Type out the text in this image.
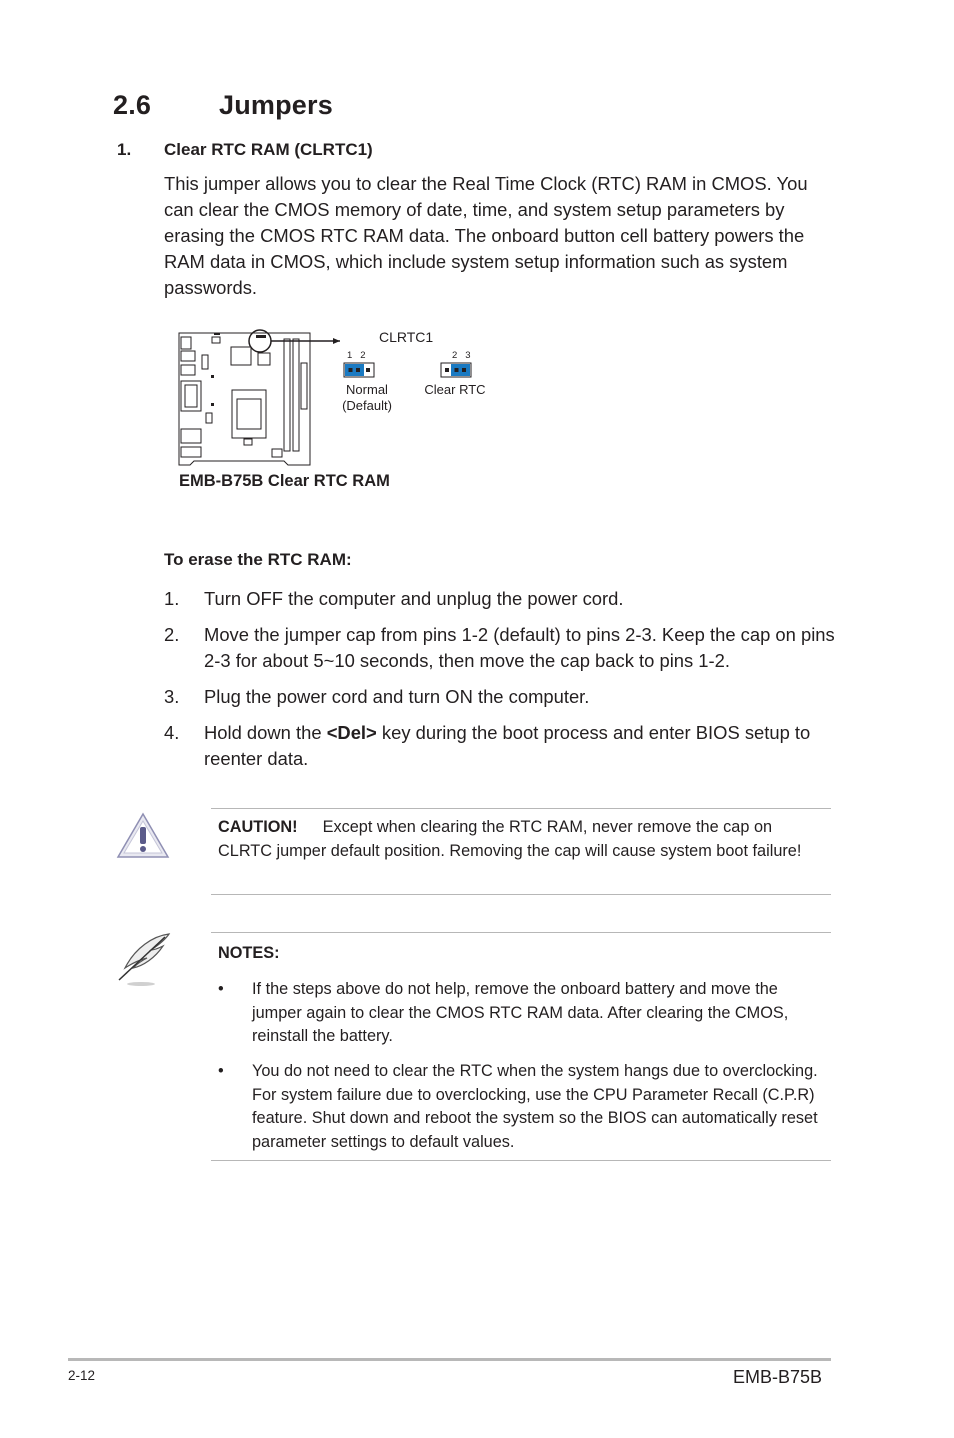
2.6	Jumpers
1. Clear RTC RAM (CLRTC1)
This jumper allows you to clear the Real Time Clock (RTC) RAM in CMOS. You can clear the CMOS memory of date, time, and system setup parameters by erasing the CMOS RTC RAM data. The onboard button cell battery powers the RAM data in CMOS, which include system setup information such as system passwords.
CLRTC1
1   2	2   3
Normal
(Default)
Clear RTC
EMB-B75B Clear RTC RAM
To erase the RTC RAM:
1. Turn OFF the computer and unplug the power cord.
2. Move the jumper cap from pins 1-2 (default) to pins 2-3. Keep the cap on pins 2-3 for about 5~10 seconds, then move the cap back to pins 1-2.
3. Plug the power cord and turn ON the computer.
4. Hold down the <Del> key during the boot process and enter BIOS setup to reenter data.
CAUTION! Except when clearing the RTC RAM, never remove the cap on CLRTC jumper default position. Removing the cap will cause system boot failure!
NOTES:
• If the steps above do not help, remove the onboard battery and move the jumper again to clear the CMOS RTC RAM data. After clearing the CMOS, reinstall the battery.
• You do not need to clear the RTC when the system hangs due to overclocking. For system failure due to overclocking, use the CPU Parameter Recall (C.P.R) feature. Shut down and reboot the system so the BIOS can automatically reset parameter settings to default values.
2-12	EMB-B75B
